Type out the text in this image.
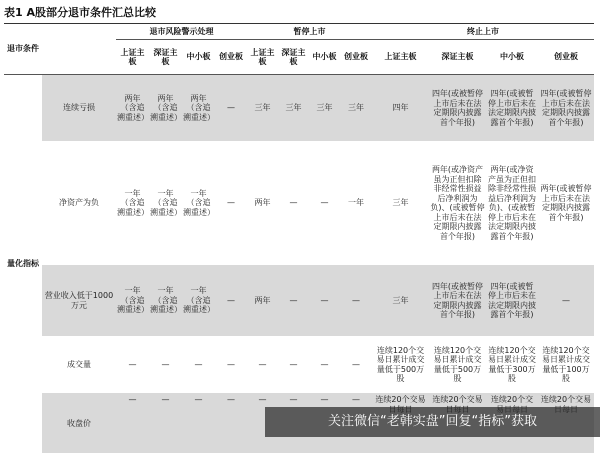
表1 A股部分退市条件汇总比较
退市条件		退市风险警示处理				暂停上市				终止上市			
		上证主板	深证主板	中小板	创业板	上证主板	深证主板	中小板	创业板	上证主板	深证主板	中小板	创业板
量化指标	连续亏损	两年（含追溯重述）	两年（含追溯重述）	两年（含追溯重述）	—	三年	三年	三年	三年	四年	四年(或被暂停上市后未在法定期限内披露首个年报)	四年(或被暂停上市后未在法定期限内披露首个年报)	四年(或被暂停上市后未在法定期限内披露首个年报)
	净资产为负	一年（含追溯重述）	一年（含追溯重述）	一年（含追溯重述）	—	两年	—	—	一年	三年	两年(或净资产虽为正但扣除非经常性损益后净利润为负)、(或被暂停上市后未在法定期限内披露首个年报)	两年(或净资产虽为正但扣除非经常性损益后净利润为负)、(或被暂停上市后未在法定期限内披露首个年报)	两年(或被暂停上市后未在法定期限内披露首个年报)
	营业收入低于1000万元	一年（含追溯重述）	一年（含追溯重述）	一年（含追溯重述）	—	两年	—	—	—	三年	四年(或被暂停上市后未在法定期限内披露首个年报)	四年(或被暂停上市后未在法定期限内披露首个年报)	—
	成交量	—	—	—	—	—	—	—	—	连续120个交易日累计成交量低于500万股	连续120个交易日累计成交量低于500万股	连续120个交易日累计成交量低于300万股	连续120个交易日累计成交量低于100万股
	收盘价	—	—	—	—	—	—	—	—	连续20个交易	连续20个交易	连续20个交	连续20个交易
关注微信“老韩实盘”回复“指标”获取
